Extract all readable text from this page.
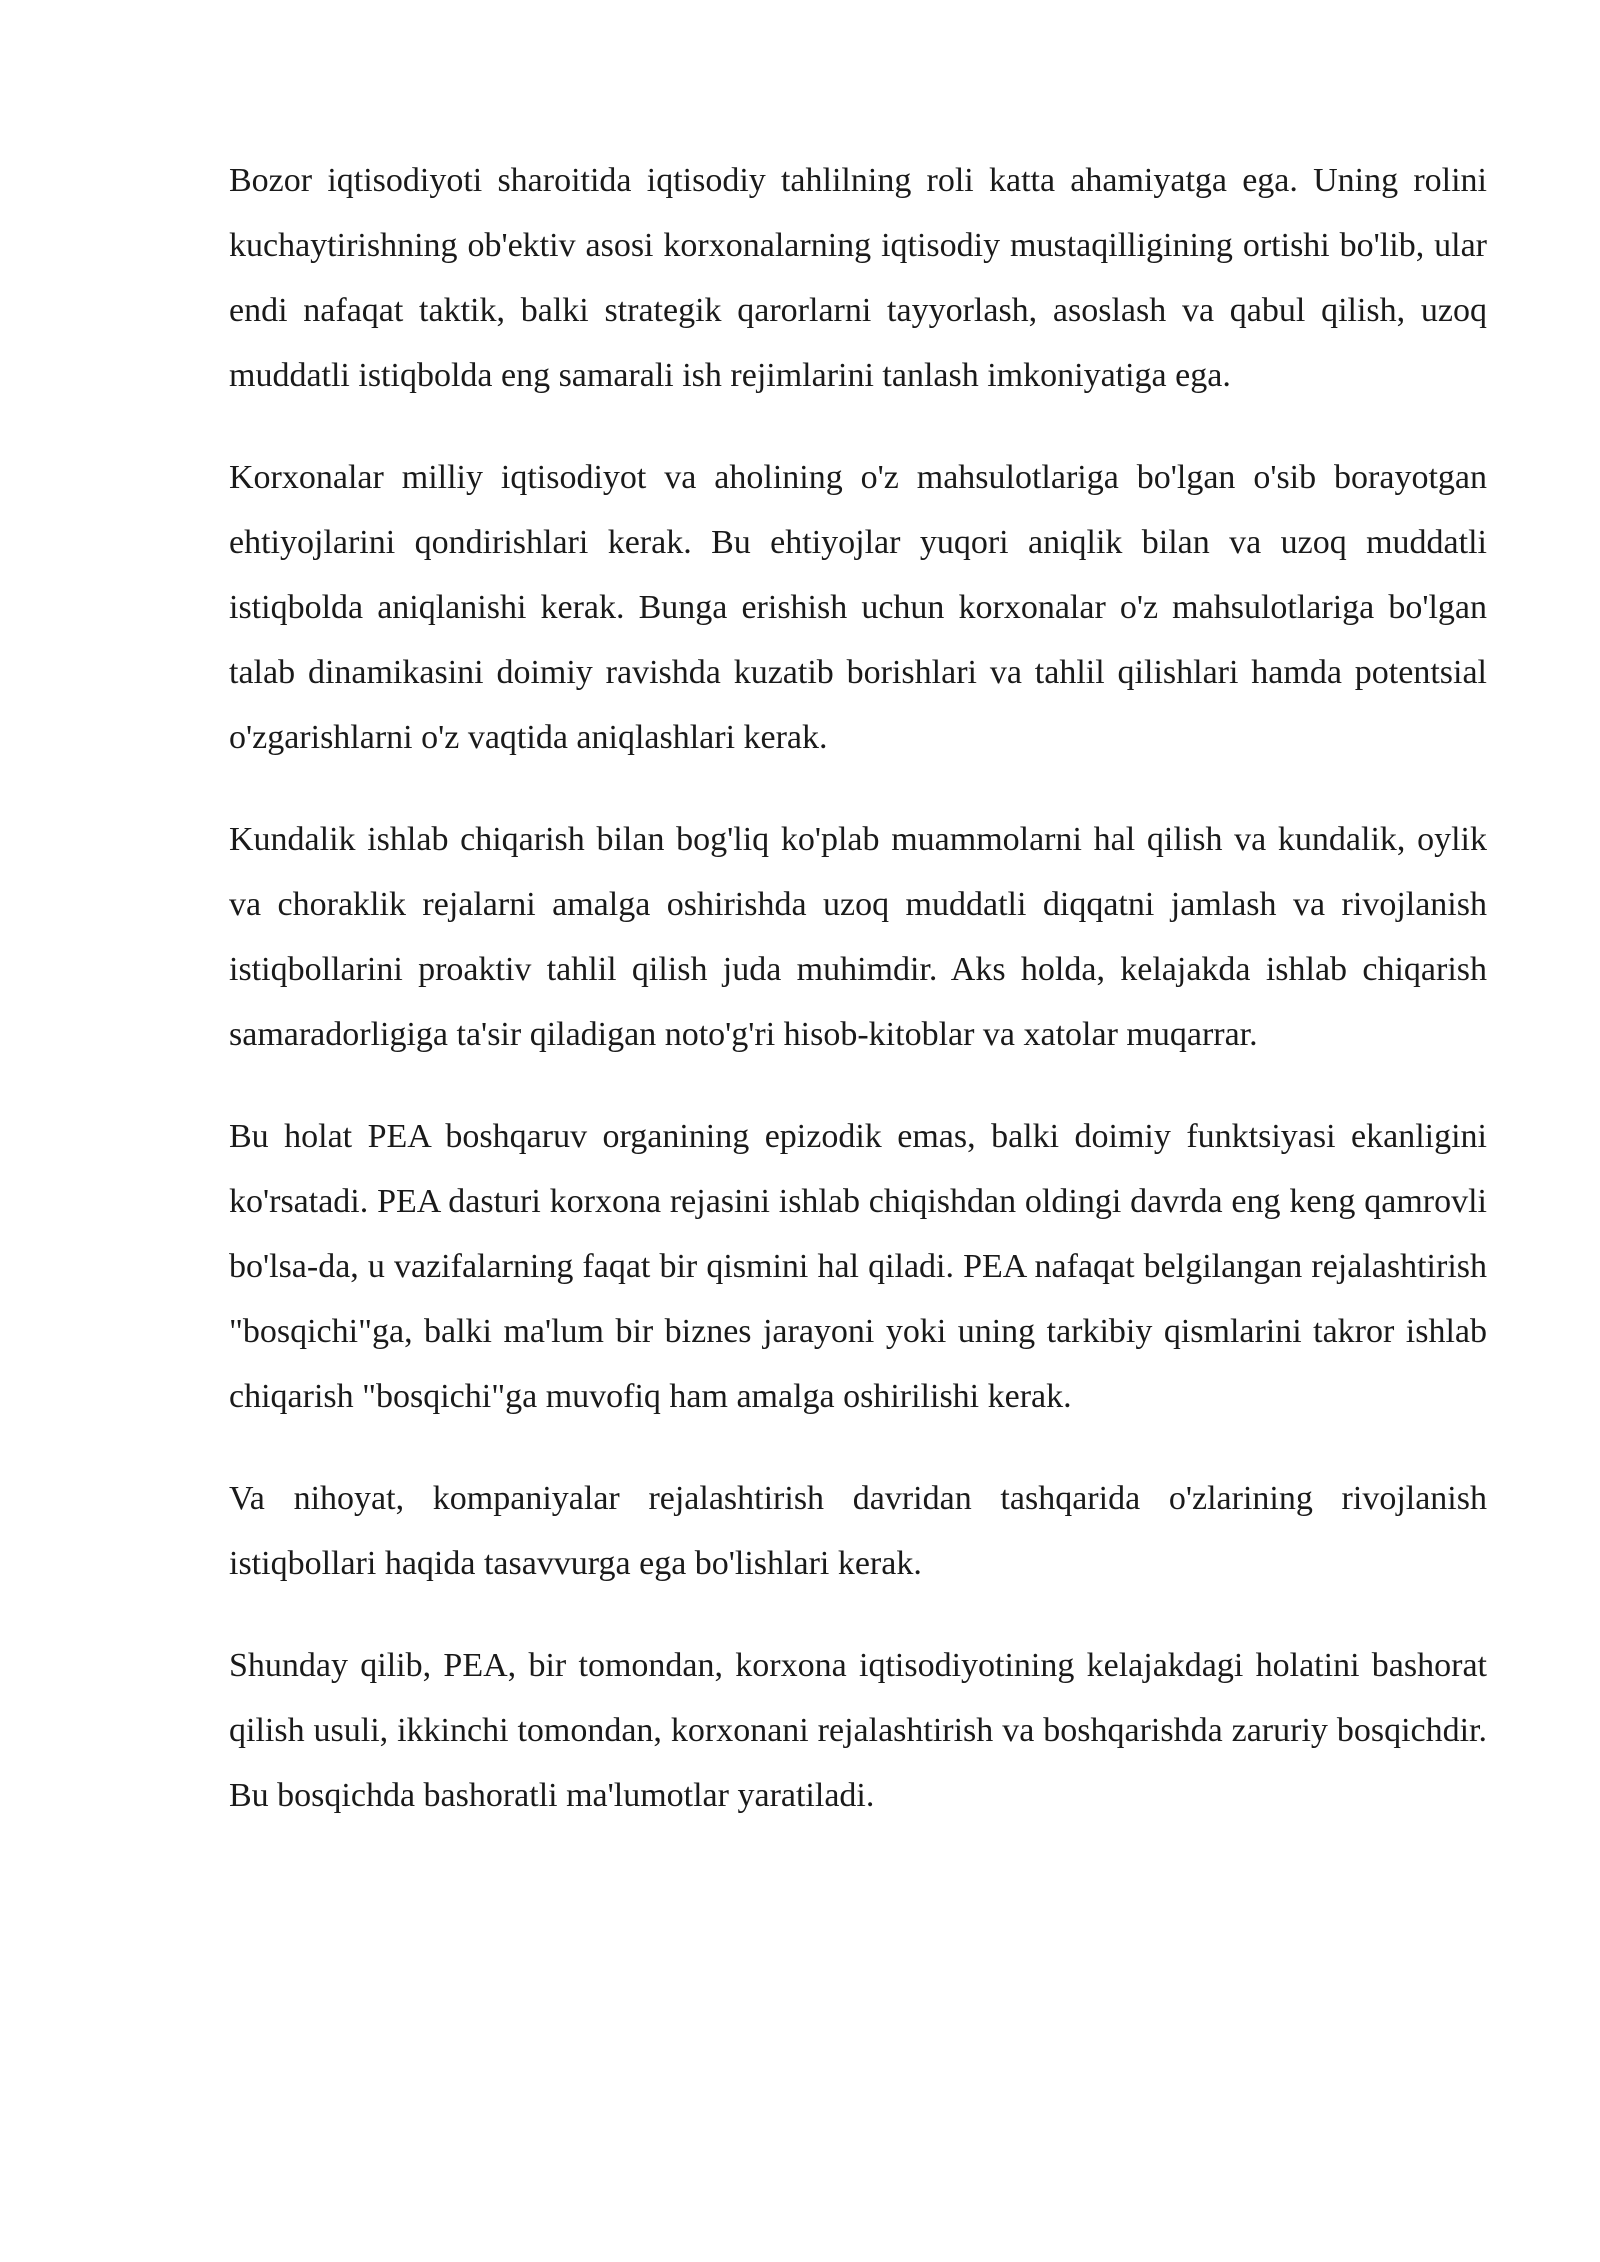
Bozor iqtisodiyoti sharoitida iqtisodiy tahlilning roli katta ahamiyatga ega. Uning rolini kuchaytirishning ob'ektiv asosi korxonalarning iqtisodiy mustaqilligining ortishi bo'lib, ular endi nafaqat taktik, balki strategik qarorlarni tayyorlash, asoslash va qabul qilish, uzoq muddatli istiqbolda eng samarali ish rejimlarini tanlash imkoniyatiga ega.

Korxonalar milliy iqtisodiyot va aholining o'z mahsulotlariga bo'lgan o'sib borayotgan ehtiyojlarini qondirishlari kerak. Bu ehtiyojlar yuqori aniqlik bilan va uzoq muddatli istiqbolda aniqlanishi kerak. Bunga erishish uchun korxonalar o'z mahsulotlariga bo'lgan talab dinamikasini doimiy ravishda kuzatib borishlari va tahlil qilishlari hamda potentsial o'zgarishlarni o'z vaqtida aniqlashlari kerak.

Kundalik ishlab chiqarish bilan bog'liq ko'plab muammolarni hal qilish va kundalik, oylik va choraklik rejalarni amalga oshirishda uzoq muddatli diqqatni jamlash va rivojlanish istiqbollarini proaktiv tahlil qilish juda muhimdir. Aks holda, kelajakda ishlab chiqarish samaradorligiga ta'sir qiladigan noto'g'ri hisob-kitoblar va xatolar muqarrar.

Bu holat PEA boshqaruv organining epizodik emas, balki doimiy funktsiyasi ekanligini ko'rsatadi. PEA dasturi korxona rejasini ishlab chiqishdan oldingi davrda eng keng qamrovli bo'lsa-da, u vazifalarning faqat bir qismini hal qiladi. PEA nafaqat belgilangan rejalashtirish "bosqichi"ga, balki ma'lum bir biznes jarayoni yoki uning tarkibiy qismlarini takror ishlab chiqarish "bosqichi"ga muvofiq ham amalga oshirilishi kerak.

Va nihoyat, kompaniyalar rejalashtirish davridan tashqarida o'zlarining rivojlanish istiqbollari haqida tasavvurga ega bo'lishlari kerak.

Shunday qilib, PEA, bir tomondan, korxona iqtisodiyotining kelajakdagi holatini bashorat qilish usuli, ikkinchi tomondan, korxonani rejalashtirish va boshqarishda zaruriy bosqichdir. Bu bosqichda bashoratli ma'lumotlar yaratiladi.
